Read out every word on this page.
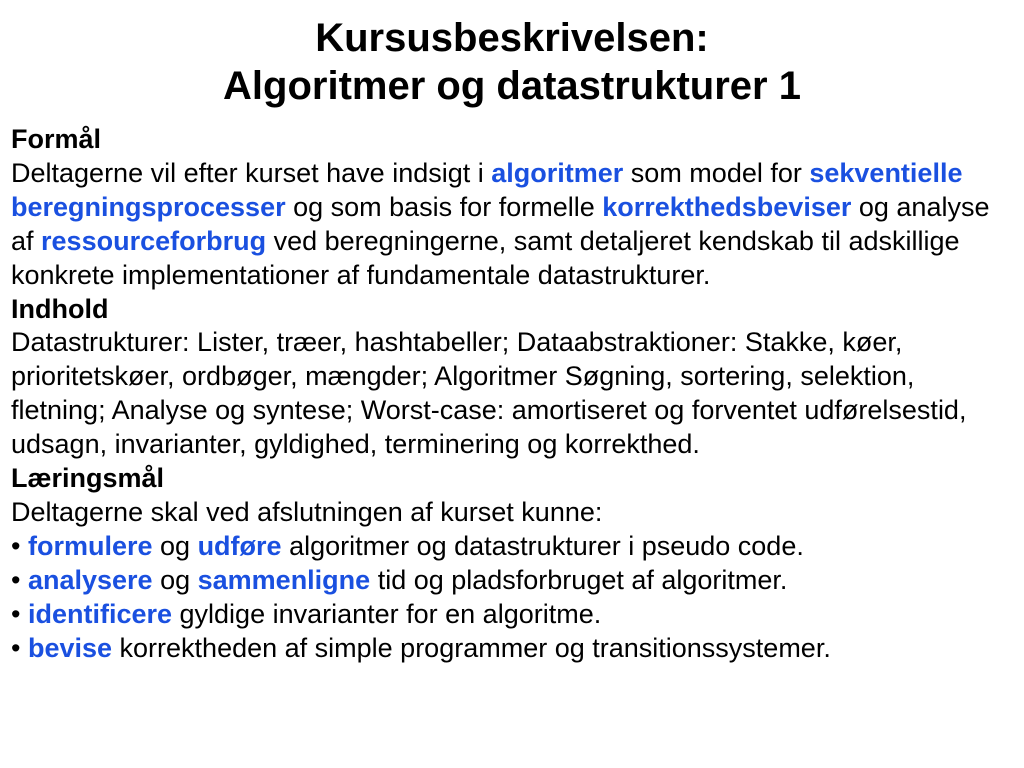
Kursusbeskrivelsen:
Algoritmer og datastrukturer 1

Formål

Deltagerne vil efter kurset have indsigt i algoritmer som model for sekventielle beregningsprocesser og som basis for formelle korrekthedsbeviser og analyse af ressourceforbrug ved beregningerne, samt detaljeret kendskab til adskillige konkrete implementationer af fundamentale datastrukturer.

Indhold

Datastrukturer: Lister, træer, hashtabeller; Dataabstraktioner: Stakke, køer, prioritetskøer, ordbøger, mængder; Algoritmer Søgning, sortering, selektion, fletning; Analyse og syntese; Worst-case: amortiseret og forventet udførelsestid, udsagn, invarianter, gyldighed, terminering og korrekthed.

Læringsmål

Deltagerne skal ved afslutningen af kurset kunne:

• formulere og udføre algoritmer og datastrukturer i pseudo code.

• analysere og sammenligne tid og pladsforbruget af algoritmer.

• identificere gyldige invarianter for en algoritme.

• bevise korrektheden af simple programmer og transitionssystemer.
